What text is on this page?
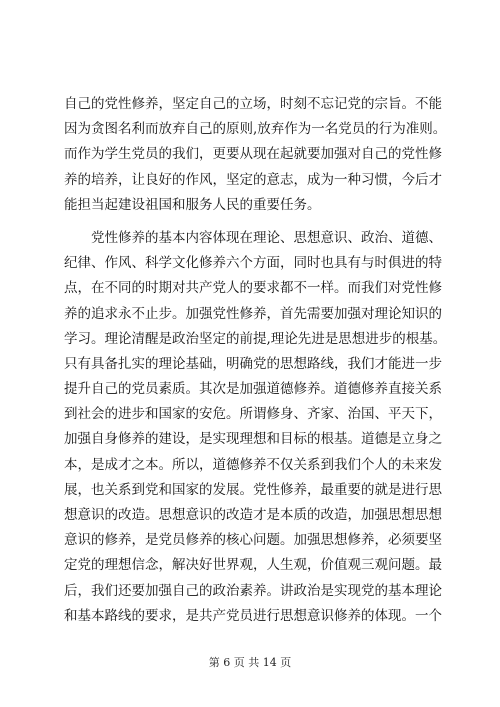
自己的党性修养，坚定自己的立场，时刻不忘记党的宗旨。不能
因为贪图名利而放弃自己的原则,放弃作为一名党员的行为准则。
而作为学生党员的我们，更要从现在起就要加强对自己的党性修
养的培养，让良好的作风，坚定的意志，成为一种习惯，今后才
能担当起建设祖国和服务人民的重要任务。
党性修养的基本内容体现在理论、思想意识、政治、道德、
纪律、作风、科学文化修养六个方面，同时也具有与时俱进的特
点，在不同的时期对共产党人的要求都不一样。而我们对党性修
养的追求永不止步。加强党性修养，首先需要加强对理论知识的
学习。理论清醒是政治坚定的前提,理论先进是思想进步的根基。
只有具备扎实的理论基础，明确党的思想路线，我们才能进一步
提升自己的党员素质。其次是加强道德修养。道德修养直接关系
到社会的进步和国家的安危。所谓修身、齐家、治国、平天下，
加强自身修养的建设，是实现理想和目标的根基。道德是立身之
本，是成才之本。所以，道德修养不仅关系到我们个人的未来发
展，也关系到党和国家的发展。党性修养，最重要的就是进行思
想意识的改造。思想意识的改造才是本质的改造，加强思想思想
意识的修养，是党员修养的核心问题。加强思想修养，必须要坚
定党的理想信念，解决好世界观，人生观，价值观三观问题。最
后，我们还要加强自己的政治素养。讲政治是实现党的基本理论
和基本路线的要求，是共产党员进行思想意识修养的体现。一个
第 6 页 共 14 页
